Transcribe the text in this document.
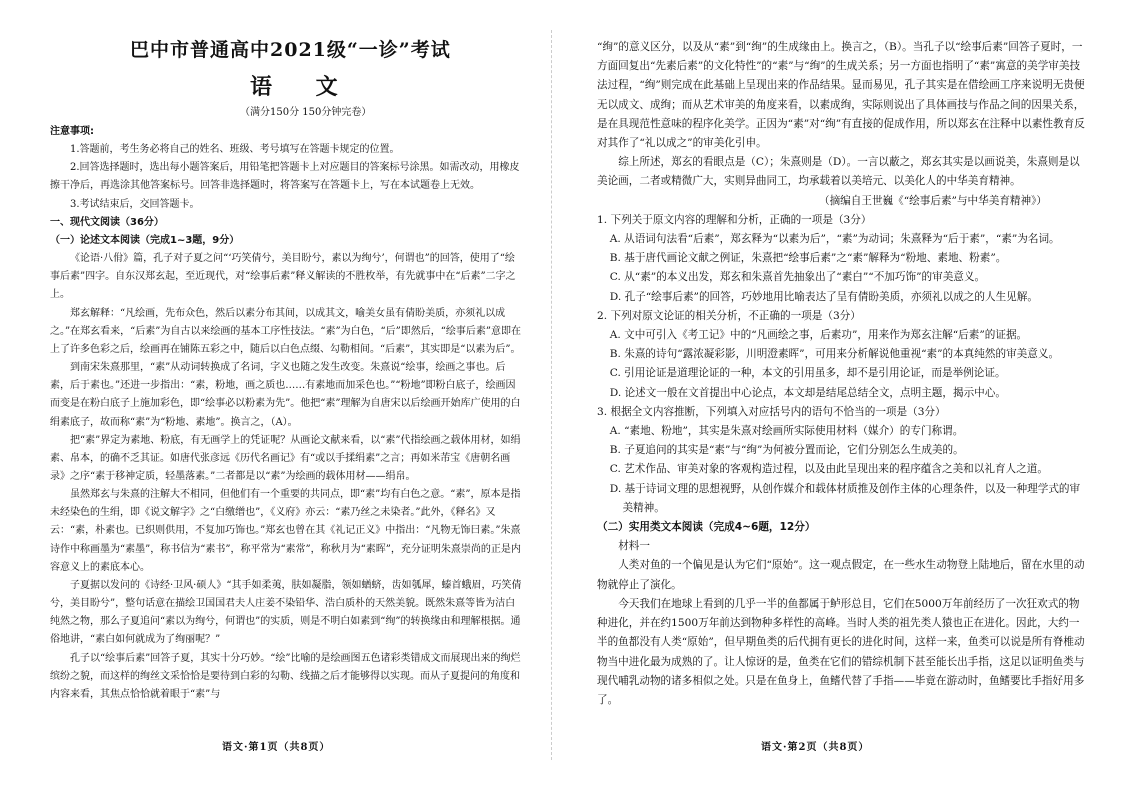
巴中市普通高中2021级“一诊”考试
语 文
（满分150分 150分钟完卷）

注意事项:

1.答题前，考生务必将自己的姓名、班级、考号填写在答题卡规定的位置。

2.回答选择题时，选出每小题答案后，用铅笔把答题卡上对应题目的答案标号涂黑。如需改动，用橡皮擦干净后，再选涂其他答案标号。回答非选择题时，将答案写在答题卡上，写在本试题卷上无效。

3.考试结束后，交回答题卡。

一、现代文阅读（36分）

（一）论述文本阅读（完成1~3题，9分）

《论语·八佾》篇，孔子对子夏之问“‘巧笑倩兮，美目盼兮，素以为绚兮’，何谓也”的回答，使用了“绘事后素”四字。自东汉郑玄起，至近现代，对“绘事后素”释义解读的不胜枚举，有先就事中在“后素”二字之上。

郑玄解释：“凡绘画，先布众色，然后以素分布其间，以成其文，喻美女虽有倩盼美质，亦须礼以成之。”在郑玄看来，“后素”为自古以来绘画的基本工序性技法。“素”为白色，“后”即然后，“绘事后素”意即在上了许多色彩之后，绘画再在铺陈五彩之中，随后以白色点缀、勾勒相间。“后素”，其实即是“以素为后”。

到南宋朱熹那里，“素”从动词转换成了名词，字义也随之发生改变。朱熹说“绘事，绘画之事也。后素，后于素也。”还进一步指出：“素，粉地，画之质也……有素地而加采色也。”“粉地”即粉白底子，绘画因而变是在粉白底子上施加彩色，即“绘事必以粉素为先”。他把“素”理解为自唐宋以后绘画开始库广使用的白绢素底子，故而称“素”为“粉地、素地”。换言之，（A）。

把“素”界定为素地、粉底，有无画学上的凭证呢？从画论文献来看，以“素”代指绘画之载体用材，如绢素、帛本，的确不乏其证。如唐代张彦远《历代名画记》有“或以手揉绢素”之言；再如米芾宝《唐朝名画录》之序“素于移神定质，轻墨落素。”二者都是以“素”为绘画的载体用材——绢帛。

虽然郑玄与朱熹的注解大不相同，但他们有一个重要的共同点，即“素”均有白色之意。“素”，原本是指未经染色的生绢，即《说文解字》之“白缴缯也”，《义府》亦云：“素乃丝之未染者。”此外，《释名》又云：“素，朴素也。已织则供用，不复加巧饰也。”郑玄也曾在其《礼记正义》中指出：“凡物无饰曰素。”朱熹诗作中称画墨为“素墨”，称书信为“素书”，称平常为“素常”，称秋月为“素晖”，充分证明朱熹崇尚的正是内容意义上的素底本心。

子夏据以发问的《诗经·卫风·硕人》“其手如柔荑，肤如凝脂，领如蝤蛴，齿如瓠犀，螓首蛾眉，巧笑倩兮，美目盼兮”，整句话意在描绘卫国国君夫人庄姜不染铅华、浩白质朴的天然美貌。既然朱熹等皆为洁白纯然之物，那么子夏追问“素以为绚兮，何谓也”的实质，则是不明白如素到“绚”的转换缘由和理解根据。通俗地讲，“素白如何就成为了绚丽呢？”

孔子以“绘事后素”回答子夏，其实十分巧妙。“绘”比喻的是绘画图五色诸彩类错成文而展现出来的绚烂缤纷之貌，而这样的绚丝文采恰恰是要待到白彩的勾勒、线描之后才能够得以实现。而从子夏提问的角度和内容来看，其焦点恰恰就着眼于“素”与

语文·第1页（共8页）

“绚”的意义区分，以及从“素”到“绚”的生成缘由上。换言之，（B）。当孔子以“绘事后素”回答子夏时，一方面回复出“先素后素”的文化特性”的“素”与“绚”的生成关系；另一方面也指明了“素”寓意的美学审美技法过程，“绚”则完成在此基础上呈现出来的作品结果。显而易见，孔子其实是在借绘画工序来说明无贵便无以成文、成绚；而从艺术审美的角度来看，以素成绚，实际则说出了具体画技与作品之间的因果关系，是在具现范性意味的程序化美学。正因为“素”对“绚”有直接的促成作用，所以郑玄在注释中以素性教育反对其作了“礼以成之”的审美化引申。

综上所述，郑玄的看眼点是（C）；朱熹则是（D）。一言以蔽之，郑玄其实是以画说美，朱熹则是以美论画，二者或精微广大，实则异曲同工，均承载着以美培元、以美化人的中华美育精神。

（摘编自王世巍《“绘事后素”与中华美育精神》）

1. 下列关于原文内容的理解和分析，正确的一项是（3分）

A. 从语词句法看“后素”，郑玄释为“以素为后”，“素”为动词；朱熹释为“后于素”，“素”为名词。

B. 基于唐代画论文献之例证，朱熹把“绘事后素”之“素”解释为“粉地、素地、粉素”。

C. 从“素”的本义出发，郑玄和朱熹首先抽象出了“素白”“不加巧饰”的审美意义。

D. 孔子“绘事后素”的回答，巧妙地用比喻表达了呈有倩盼美质，亦须礼以成之的人生见解。

2. 下列对原文论证的相关分析，不正确的一项是（3分）

A. 文中可引入《考工记》中的“凡画绘之事，后素功”，用来作为郑玄注解“后素”的证据。

B. 朱熹的诗句“露浓凝彩影，川明澄素晖”，可用来分析解说他重视“素”的本真纯然的审美意义。

C. 引用论证是道理论证的一种，本文的引用虽多，却不是引用论证，而是举例论证。

D. 论述文一般在文首提出中心论点，本文却是结尾总结全文，点明主题，揭示中心。

3. 根据全文内容推断，下列填入对应括号内的语句不恰当的一项是（3分）

A. “素地、粉地”，其实是朱熹对绘画所实际使用材料（媒介）的专门称谓。

B. 子夏追问的其实是“素”与“绚”为何被分置而论，它们分别怎么生成美的。

C. 艺术作品、审美对象的客观构造过程，以及由此呈现出来的程序蕴含之美和以礼育人之道。

D. 基于诗词文理的思想视野，从创作媒介和载体材质推及创作主体的心理条件，以及一种理学式的审美精神。

（二）实用类文本阅读（完成4~6题，12分）

材料一

人类对鱼的一个偏见是认为它们“原始”。这一观点假定，在一些水生动物登上陆地后，留在水里的动物就停止了演化。

今天我们在地球上看到的几乎一半的鱼都属于鲈形总目，它们在5000万年前经历了一次狂欢式的物种进化，并在约1500万年前达到物种多样性的高峰。当时人类的祖先类人猿也正在进化。因此，大约一半的鱼都没有人类“原始”，但早期鱼类的后代拥有更长的进化时间，这样一来，鱼类可以说是所有脊椎动物当中进化最为成熟的了。让人惊讶的是，鱼类在它们的错综机制下甚至能长出手指，这足以证明鱼类与现代哺乳动物的诸多相似之处。只是在鱼身上，鱼鳍代替了手指——毕竟在游动时，鱼鳍要比手指好用多了。

语文·第2页（共8页）
